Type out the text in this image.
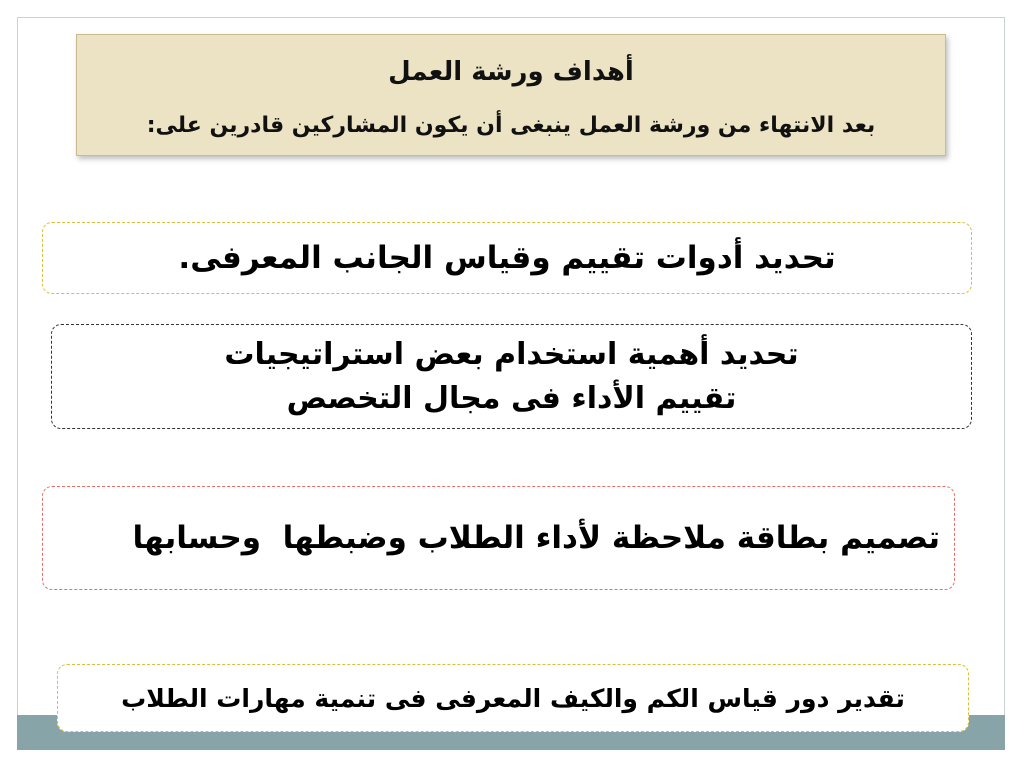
أهداف ورشة العمل
بعد الانتهاء من ورشة العمل ينبغى أن يكون المشاركين قادرين على:
تحديد أدوات تقييم وقياس الجانب المعرفى.
تحديد أهمية استخدام بعض استراتيجيات
تقييم الأداء فى مجال التخصص
تصميم بطاقة ملاحظة لأداء الطلاب وضبطها  وحسابها
تقدير دور قياس الكم والكيف المعرفى فى تنمية مهارات الطلاب
